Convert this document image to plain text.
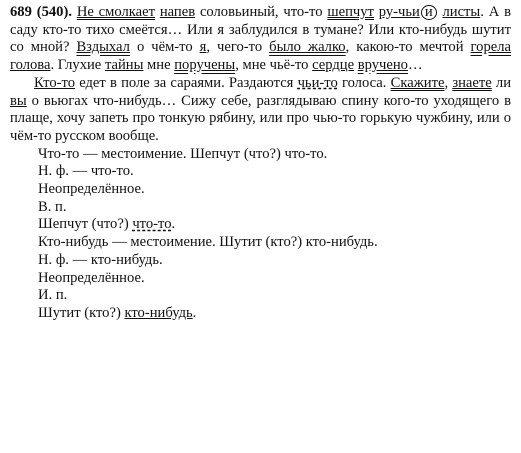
689 (540). Не смолкает напев соловьиный, что-то шепчут ру-чьи и листы. А в саду кто-то тихо смеётся… Или я заблудился в тумане? Или кто-нибудь шутит со мной? Вздыхал о чём-то я, чего-то было жалко, какою-то мечтой горела голова. Глухие тайны мне поручены, мне чьё-то сердце вручено…

Кто-то едет в поле за сараями. Раздаются чьи-то голоса. Скажите, знаете ли вы о вьюгах что-нибудь… Сижу себе, разглядываю спину кого-то уходящего в плаще, хочу запеть про тонкую рябину, или про чью-то горькую чужбину, или о чём-то русском вообще.

Что-то — местоимение. Шепчут (что?) что-то.
Н. ф. — что-то.
Неопределённое.
В. п.
Шепчут (что?) что-то.
Кто-нибудь — местоимение. Шутит (кто?) кто-нибудь.
Н. ф. — кто-нибудь.
Неопределённое.
И. п.
Шутит (кто?) кто-нибудь.
